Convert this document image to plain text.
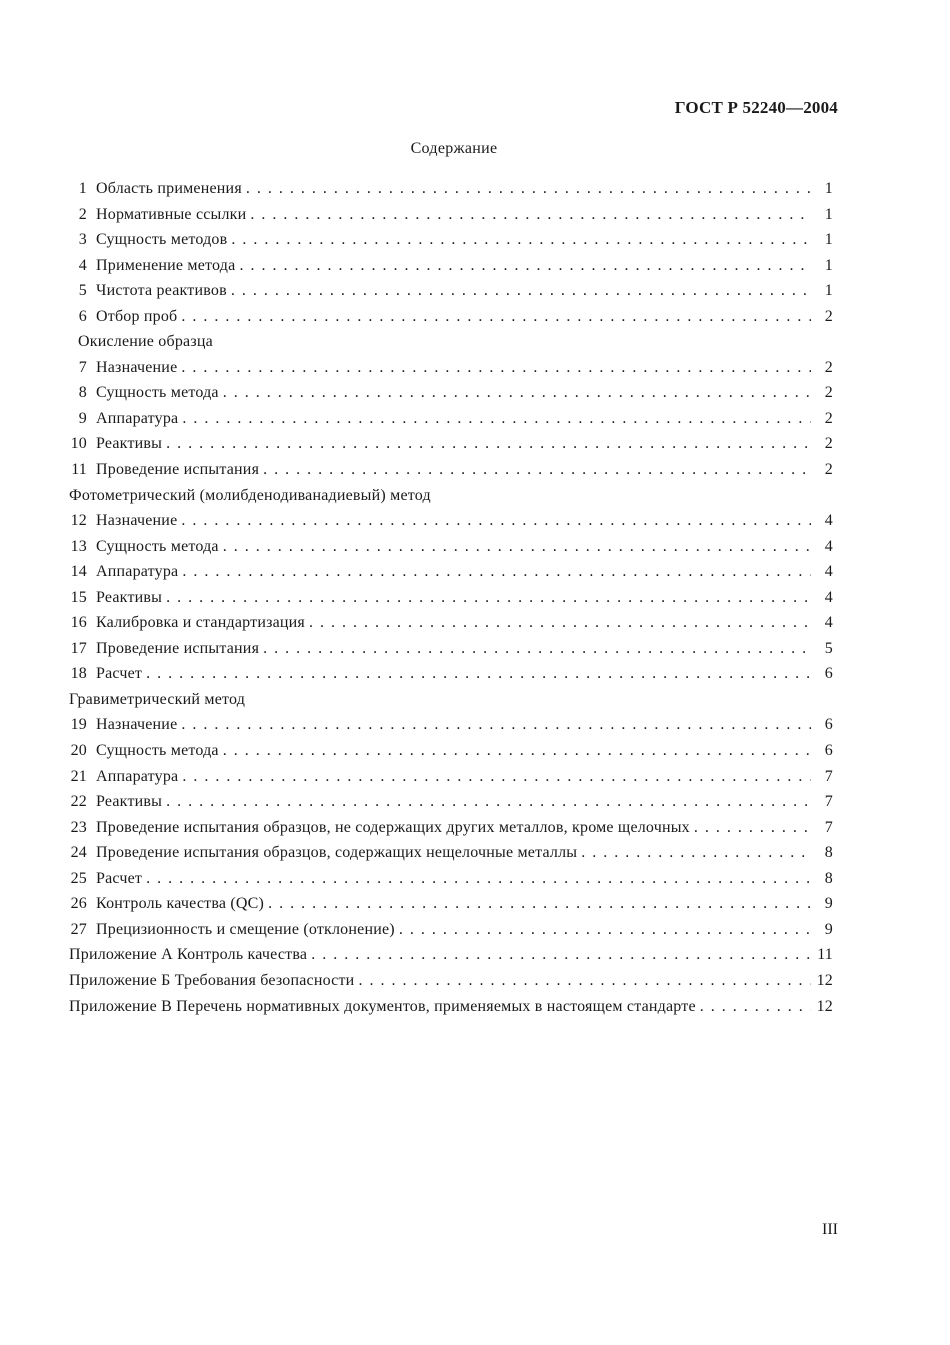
ГОСТ Р 52240—2004
Содержание
1 Область применения . . .	1
2 Нормативные ссылки . . .	1
3 Сущность методов . . .	1
4 Применение метода . . .	1
5 Чистота реактивов . . .	1
6 Отбор проб . . .	2
Окисление образца
7 Назначение . . .	2
8 Сущность метода . . .	2
9 Аппаратура . . .	2
10 Реактивы . . .	2
11 Проведение испытания . . .	2
Фотометрический (молибденодиванадиевый) метод
12 Назначение . . .	4
13 Сущность метода . . .	4
14 Аппаратура . . .	4
15 Реактивы . . .	4
16 Калибровка и стандартизация . . .	4
17 Проведение испытания . . .	5
18 Расчет . . .	6
Гравиметрический метод
19 Назначение . . .	6
20 Сущность метода . . .	6
21 Аппаратура . . .	7
22 Реактивы . . .	7
23 Проведение испытания образцов, не содержащих других металлов, кроме щелочных . . .	7
24 Проведение испытания образцов, содержащих нещелочные металлы . . .	8
25 Расчет . . .	8
26 Контроль качества (QC) . . .	9
27 Прецизионность и смещение (отклонение) . . .	9
Приложение А Контроль качества . . .	11
Приложение Б Требования безопасности . . .	12
Приложение В Перечень нормативных документов, применяемых в настоящем стандарте . . .	12
III
